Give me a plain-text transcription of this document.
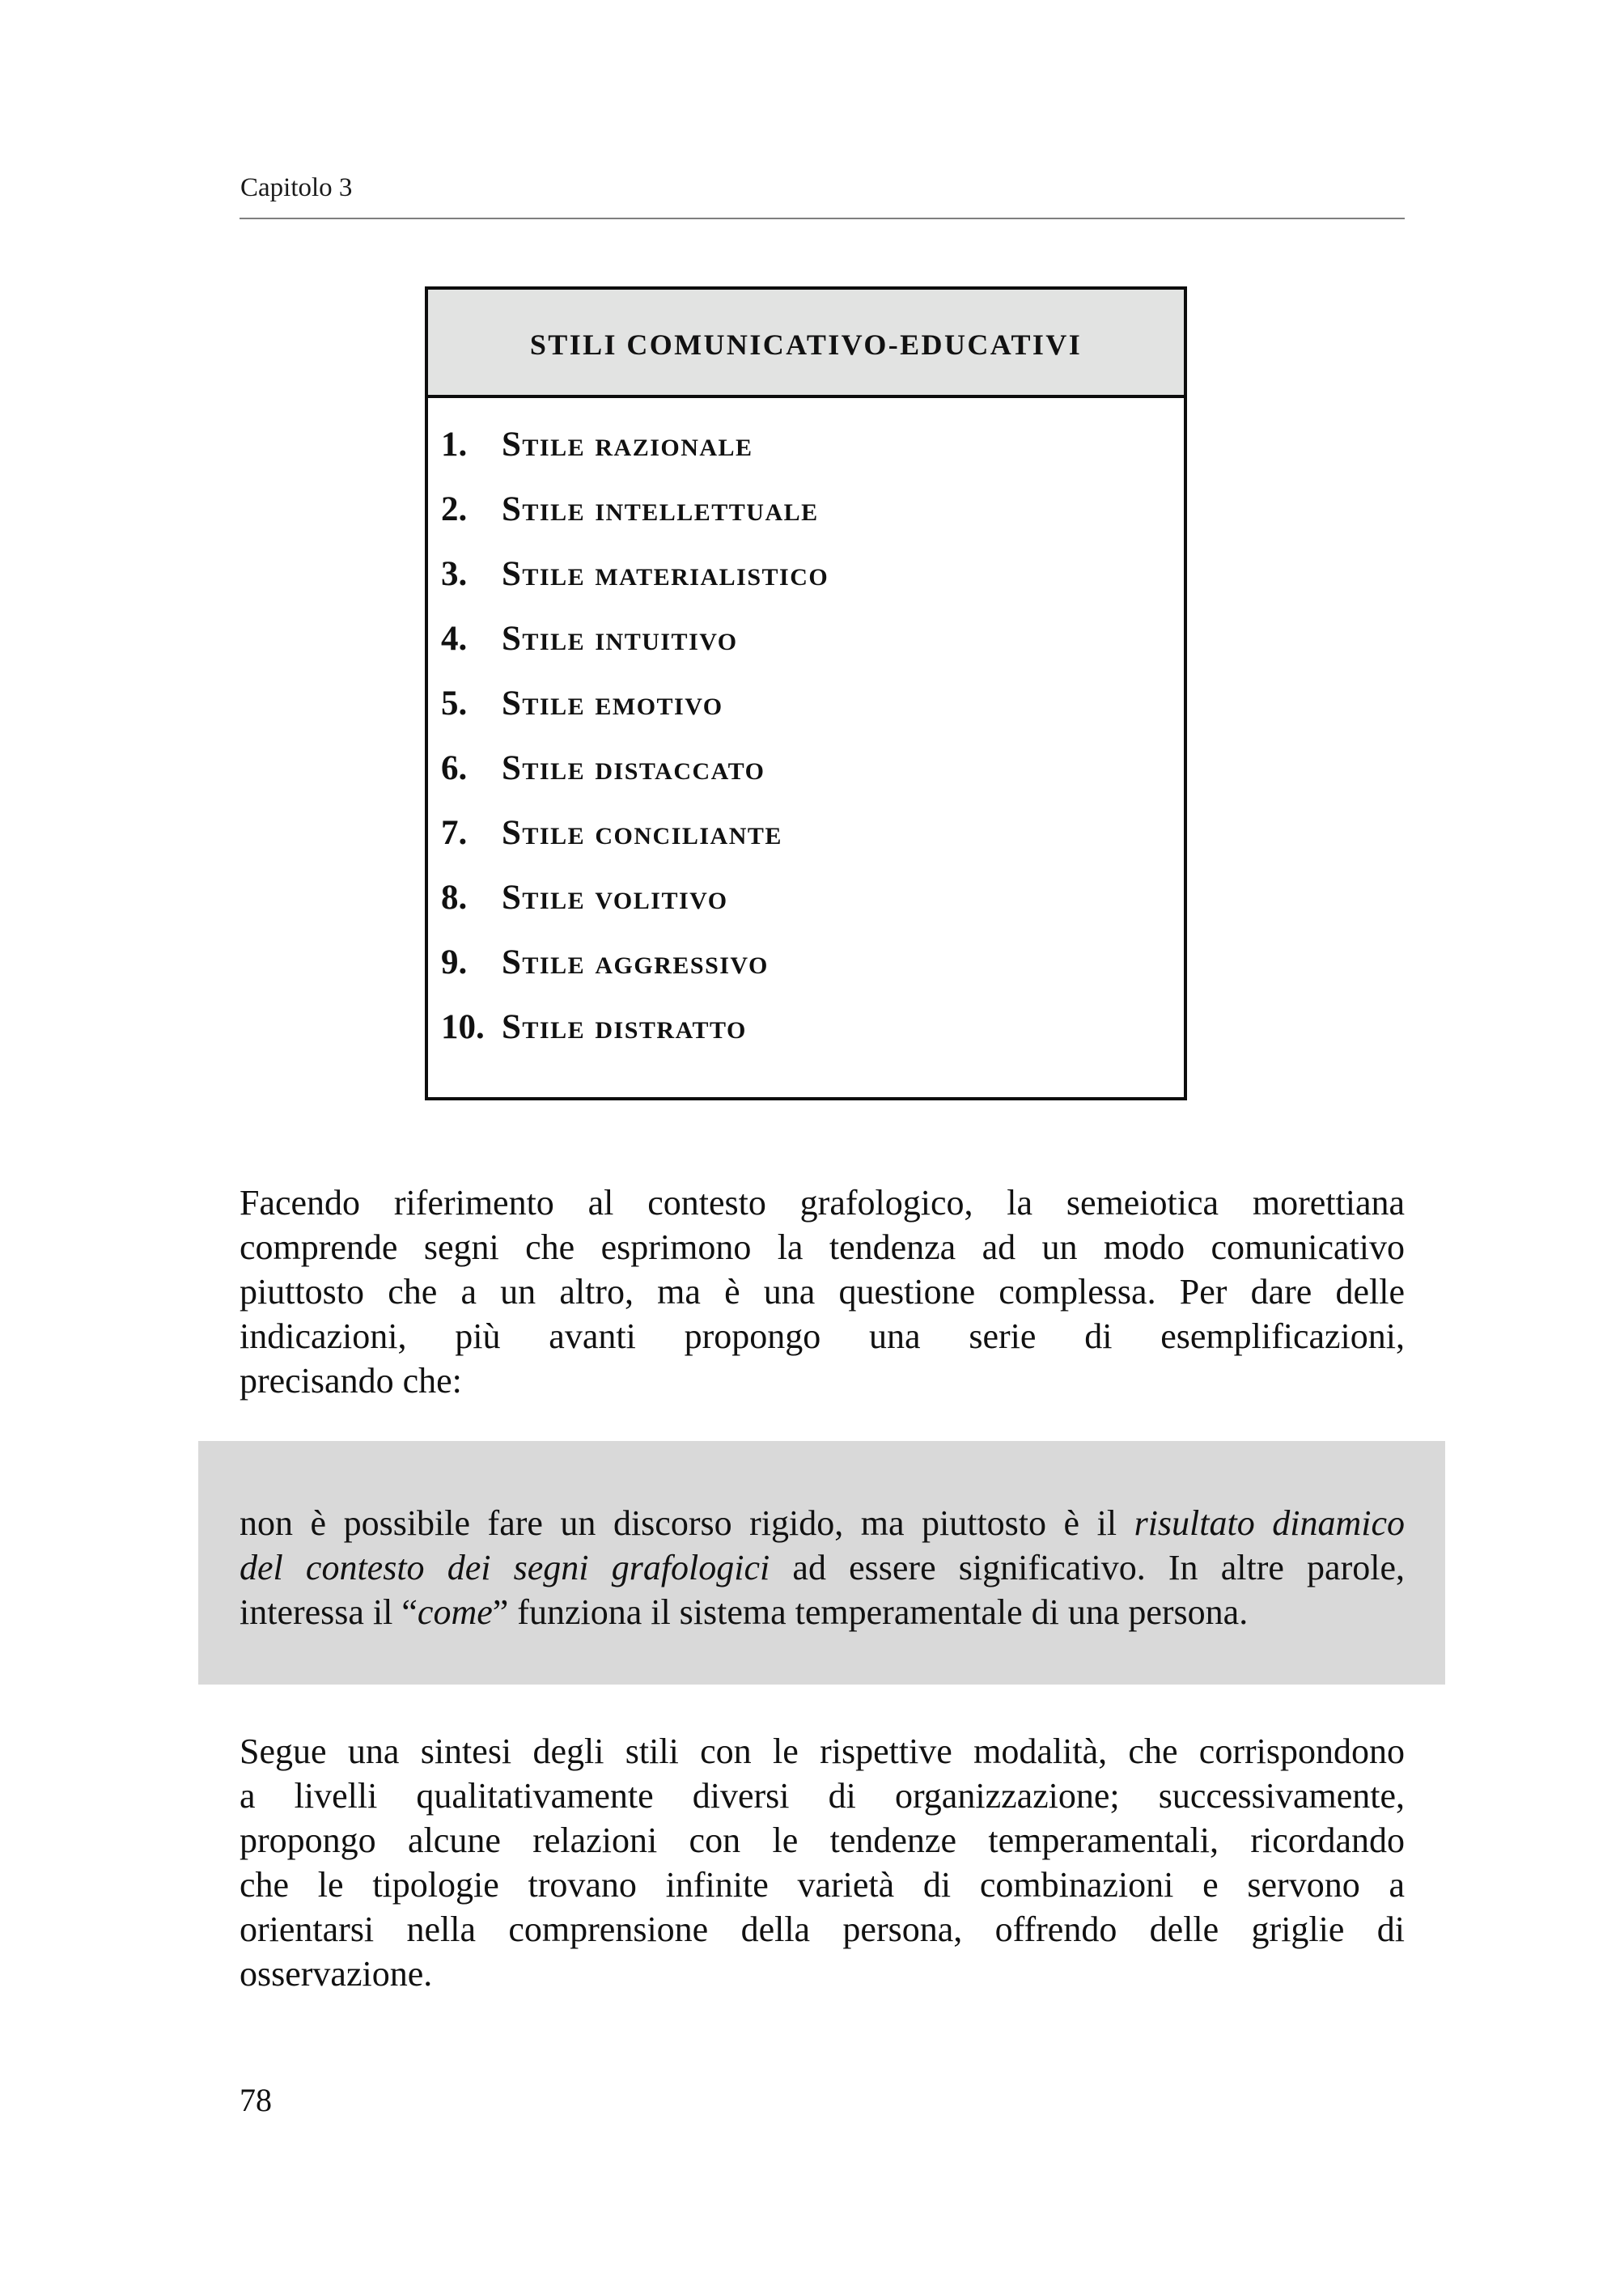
Capitolo 3
STILI COMUNICATIVO-EDUCATIVI
1. Stile razionale
2. Stile intellettuale
3. Stile materialistico
4. Stile intuitivo
5. Stile emotivo
6. Stile distaccato
7. Stile conciliante
8. Stile volitivo
9. Stile aggressivo
10. Stile distratto
Facendo riferimento al contesto grafologico, la semeiotica morettiana
comprende segni che esprimono la tendenza ad un modo comunicativo
piuttosto che a un altro, ma è una questione complessa. Per dare delle
indicazioni, più avanti propongo una serie di esemplificazioni,
precisando che:
non è possibile fare un discorso rigido, ma piuttosto è il risultato dinamico
del contesto dei segni grafologici ad essere significativo. In altre parole,
interessa il “come” funziona il sistema temperamentale di una persona.
Segue una sintesi degli stili con le rispettive modalità, che corrispondono
a livelli qualitativamente diversi di organizzazione; successivamente,
propongo alcune relazioni con le tendenze temperamentali, ricordando
che le tipologie trovano infinite varietà di combinazioni e servono a
orientarsi nella comprensione della persona, offrendo delle griglie di
osservazione.
78
